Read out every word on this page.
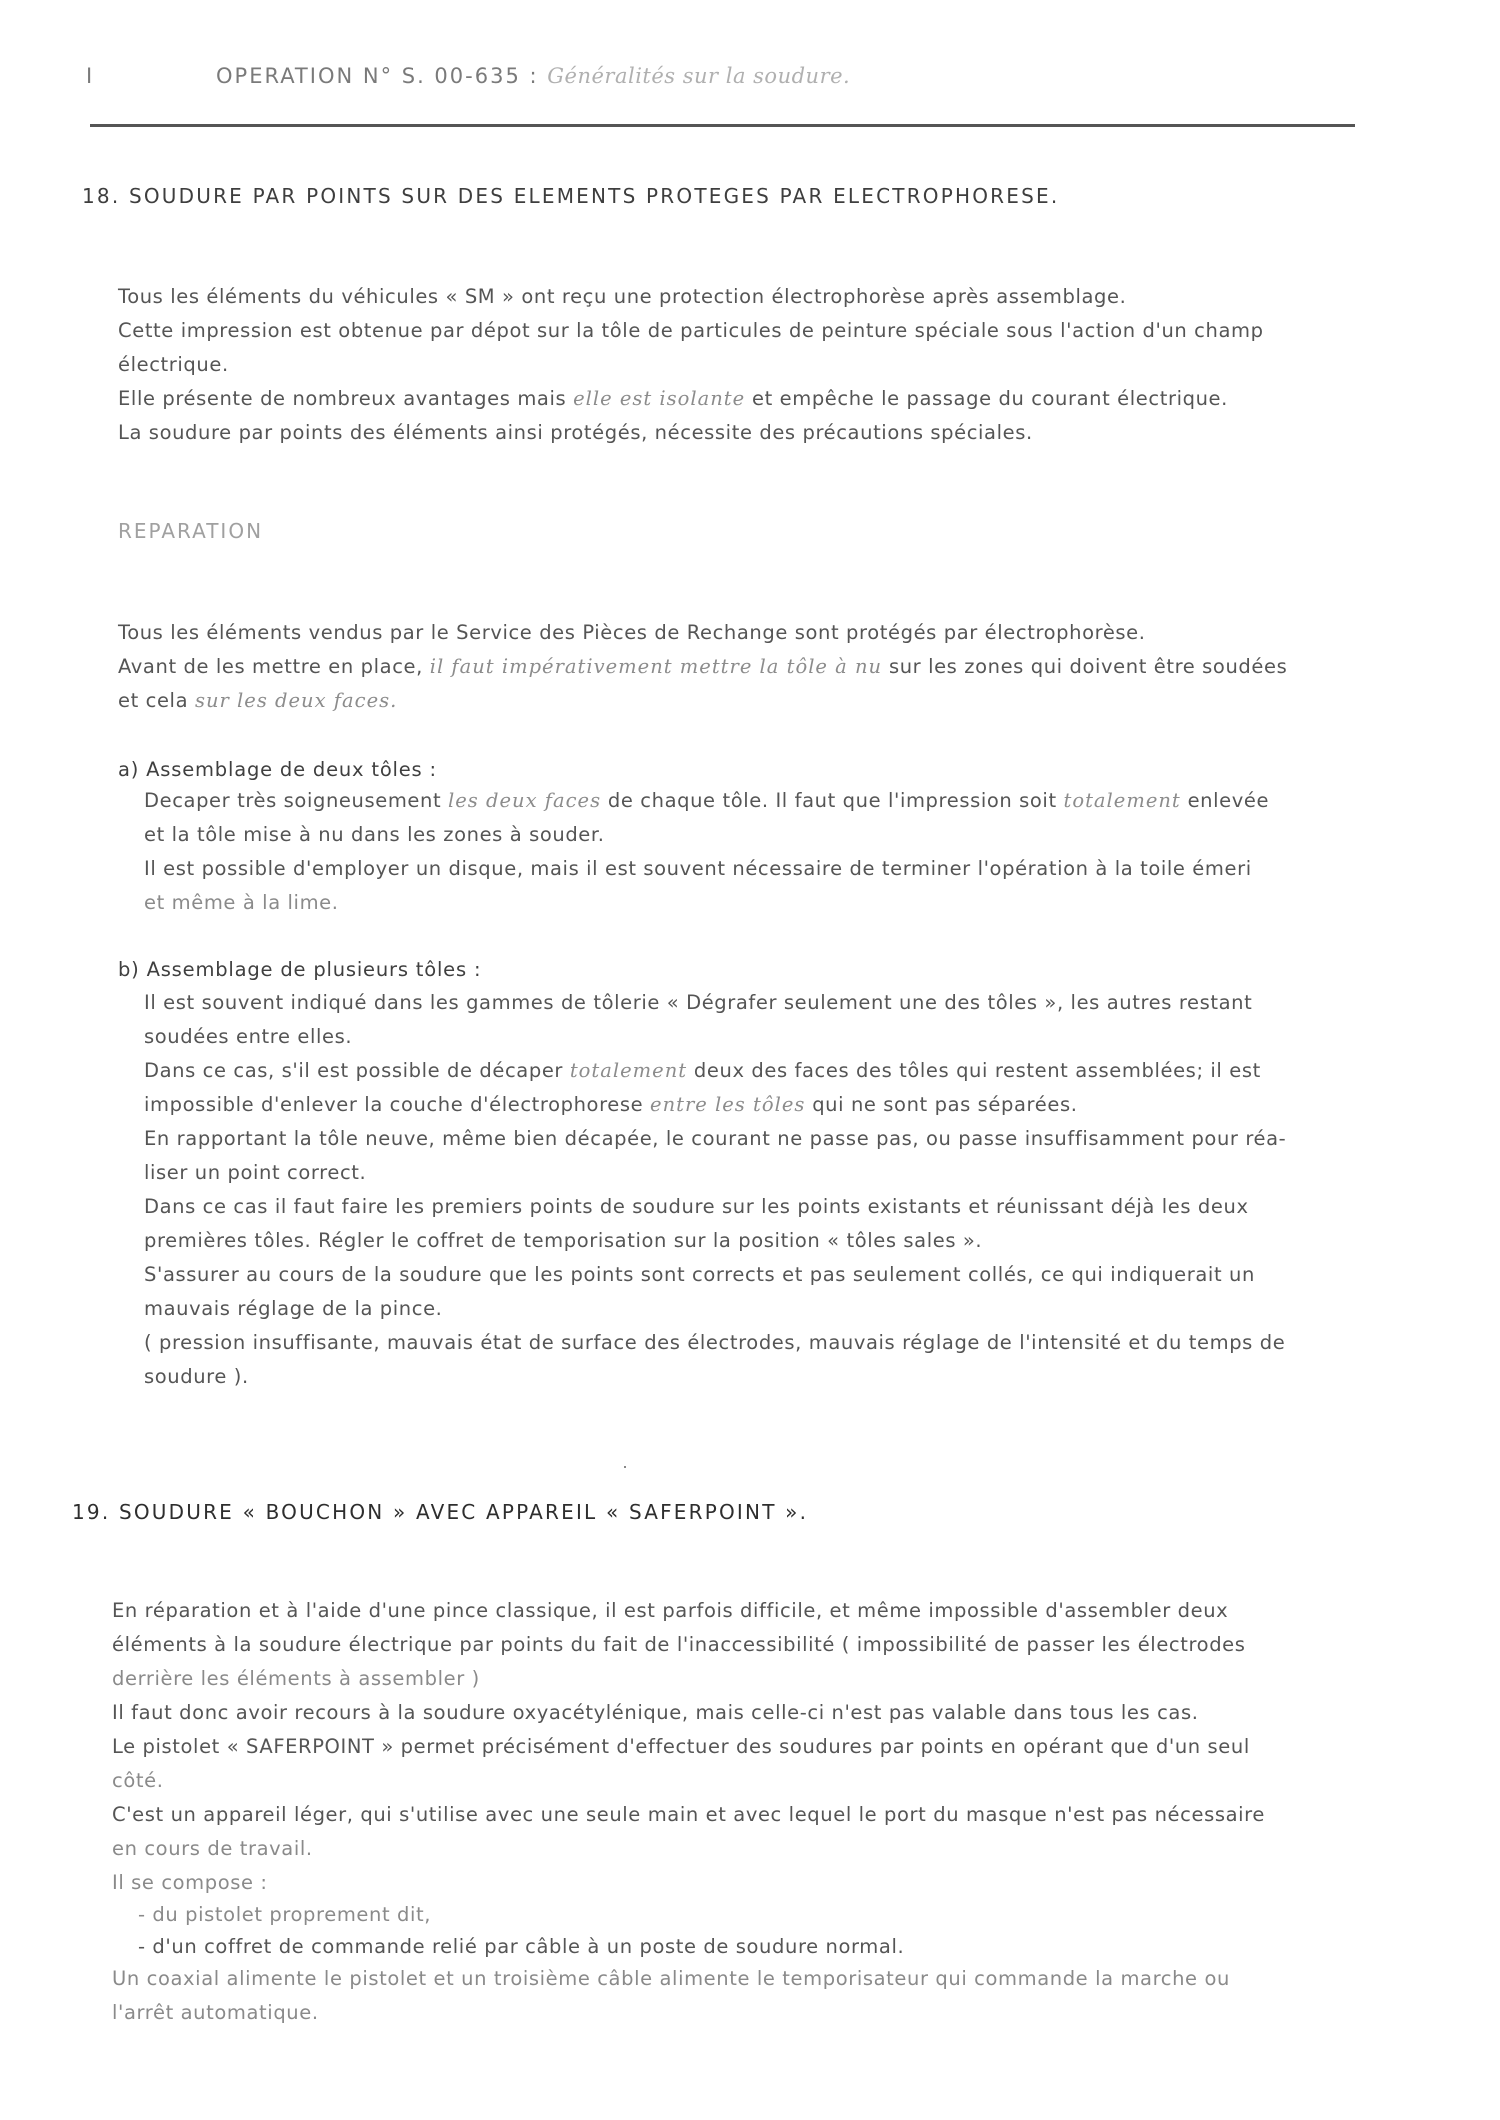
I	OPERATION N° S. 00-635 : Généralités sur la soudure.
18. SOUDURE PAR POINTS SUR DES ELEMENTS PROTEGES PAR ELECTROPHORESE.
Tous les éléments du véhicules « SM » ont reçu une protection électrophorèse après assemblage.
Cette impression est obtenue par dépot sur la tôle de particules de peinture spéciale sous l'action d'un champ
électrique.
Elle présente de nombreux avantages mais elle est isolante et empêche le passage du courant électrique.
La soudure par points des éléments ainsi protégés, nécessite des précautions spéciales.
REPARATION
Tous les éléments vendus par le Service des Pièces de Rechange sont protégés par électrophorèse.
Avant de les mettre en place, il faut impérativement mettre la tôle à nu sur les zones qui doivent être soudées
et cela sur les deux faces.
a) Assemblage de deux tôles :
Decaper très soigneusement les deux faces de chaque tôle. Il faut que l'impression soit totalement enlevée
et la tôle mise à nu dans les zones à souder.
Il est possible d'employer un disque, mais il est souvent nécessaire de terminer l'opération à la toile émeri
et même à la lime.
b) Assemblage de plusieurs tôles :
Il est souvent indiqué dans les gammes de tôlerie « Dégrafer seulement une des tôles », les autres restant
soudées entre elles.
Dans ce cas, s'il est possible de décaper totalement deux des faces des tôles qui restent assemblées; il est
impossible d'enlever la couche d'électrophorese entre les tôles qui ne sont pas séparées.
En rapportant la tôle neuve, même bien décapée, le courant ne passe pas, ou passe insuffisamment pour réa-
liser un point correct.
Dans ce cas il faut faire les premiers points de soudure sur les points existants et réunissant déjà les deux
premières tôles. Régler le coffret de temporisation sur la position « tôles sales ».
S'assurer au cours de la soudure que les points sont corrects et pas seulement collés, ce qui indiquerait un
mauvais réglage de la pince.
( pression insuffisante, mauvais état de surface des électrodes, mauvais réglage de l'intensité et du temps de
soudure ).
19. SOUDURE « BOUCHON » AVEC APPAREIL « SAFERPOINT ».
En réparation et à l'aide d'une pince classique, il est parfois difficile, et même impossible d'assembler deux
éléments à la soudure électrique par points du fait de l'inaccessibilité ( impossibilité de passer les électrodes
derrière les éléments à assembler )
Il faut donc avoir recours à la soudure oxyacétylénique, mais celle-ci n'est pas valable dans tous les cas.
Le pistolet « SAFERPOINT » permet précisément d'effectuer des soudures par points en opérant que d'un seul
côté.
C'est un appareil léger, qui s'utilise avec une seule main et avec lequel le port du masque n'est pas nécessaire
en cours de travail.
Il se compose :
- du pistolet proprement dit,
- d'un coffret de commande relié par câble à un poste de soudure normal.
Un coaxial alimente le pistolet et un troisième câble alimente le temporisateur qui commande la marche ou
l'arrêt automatique.
